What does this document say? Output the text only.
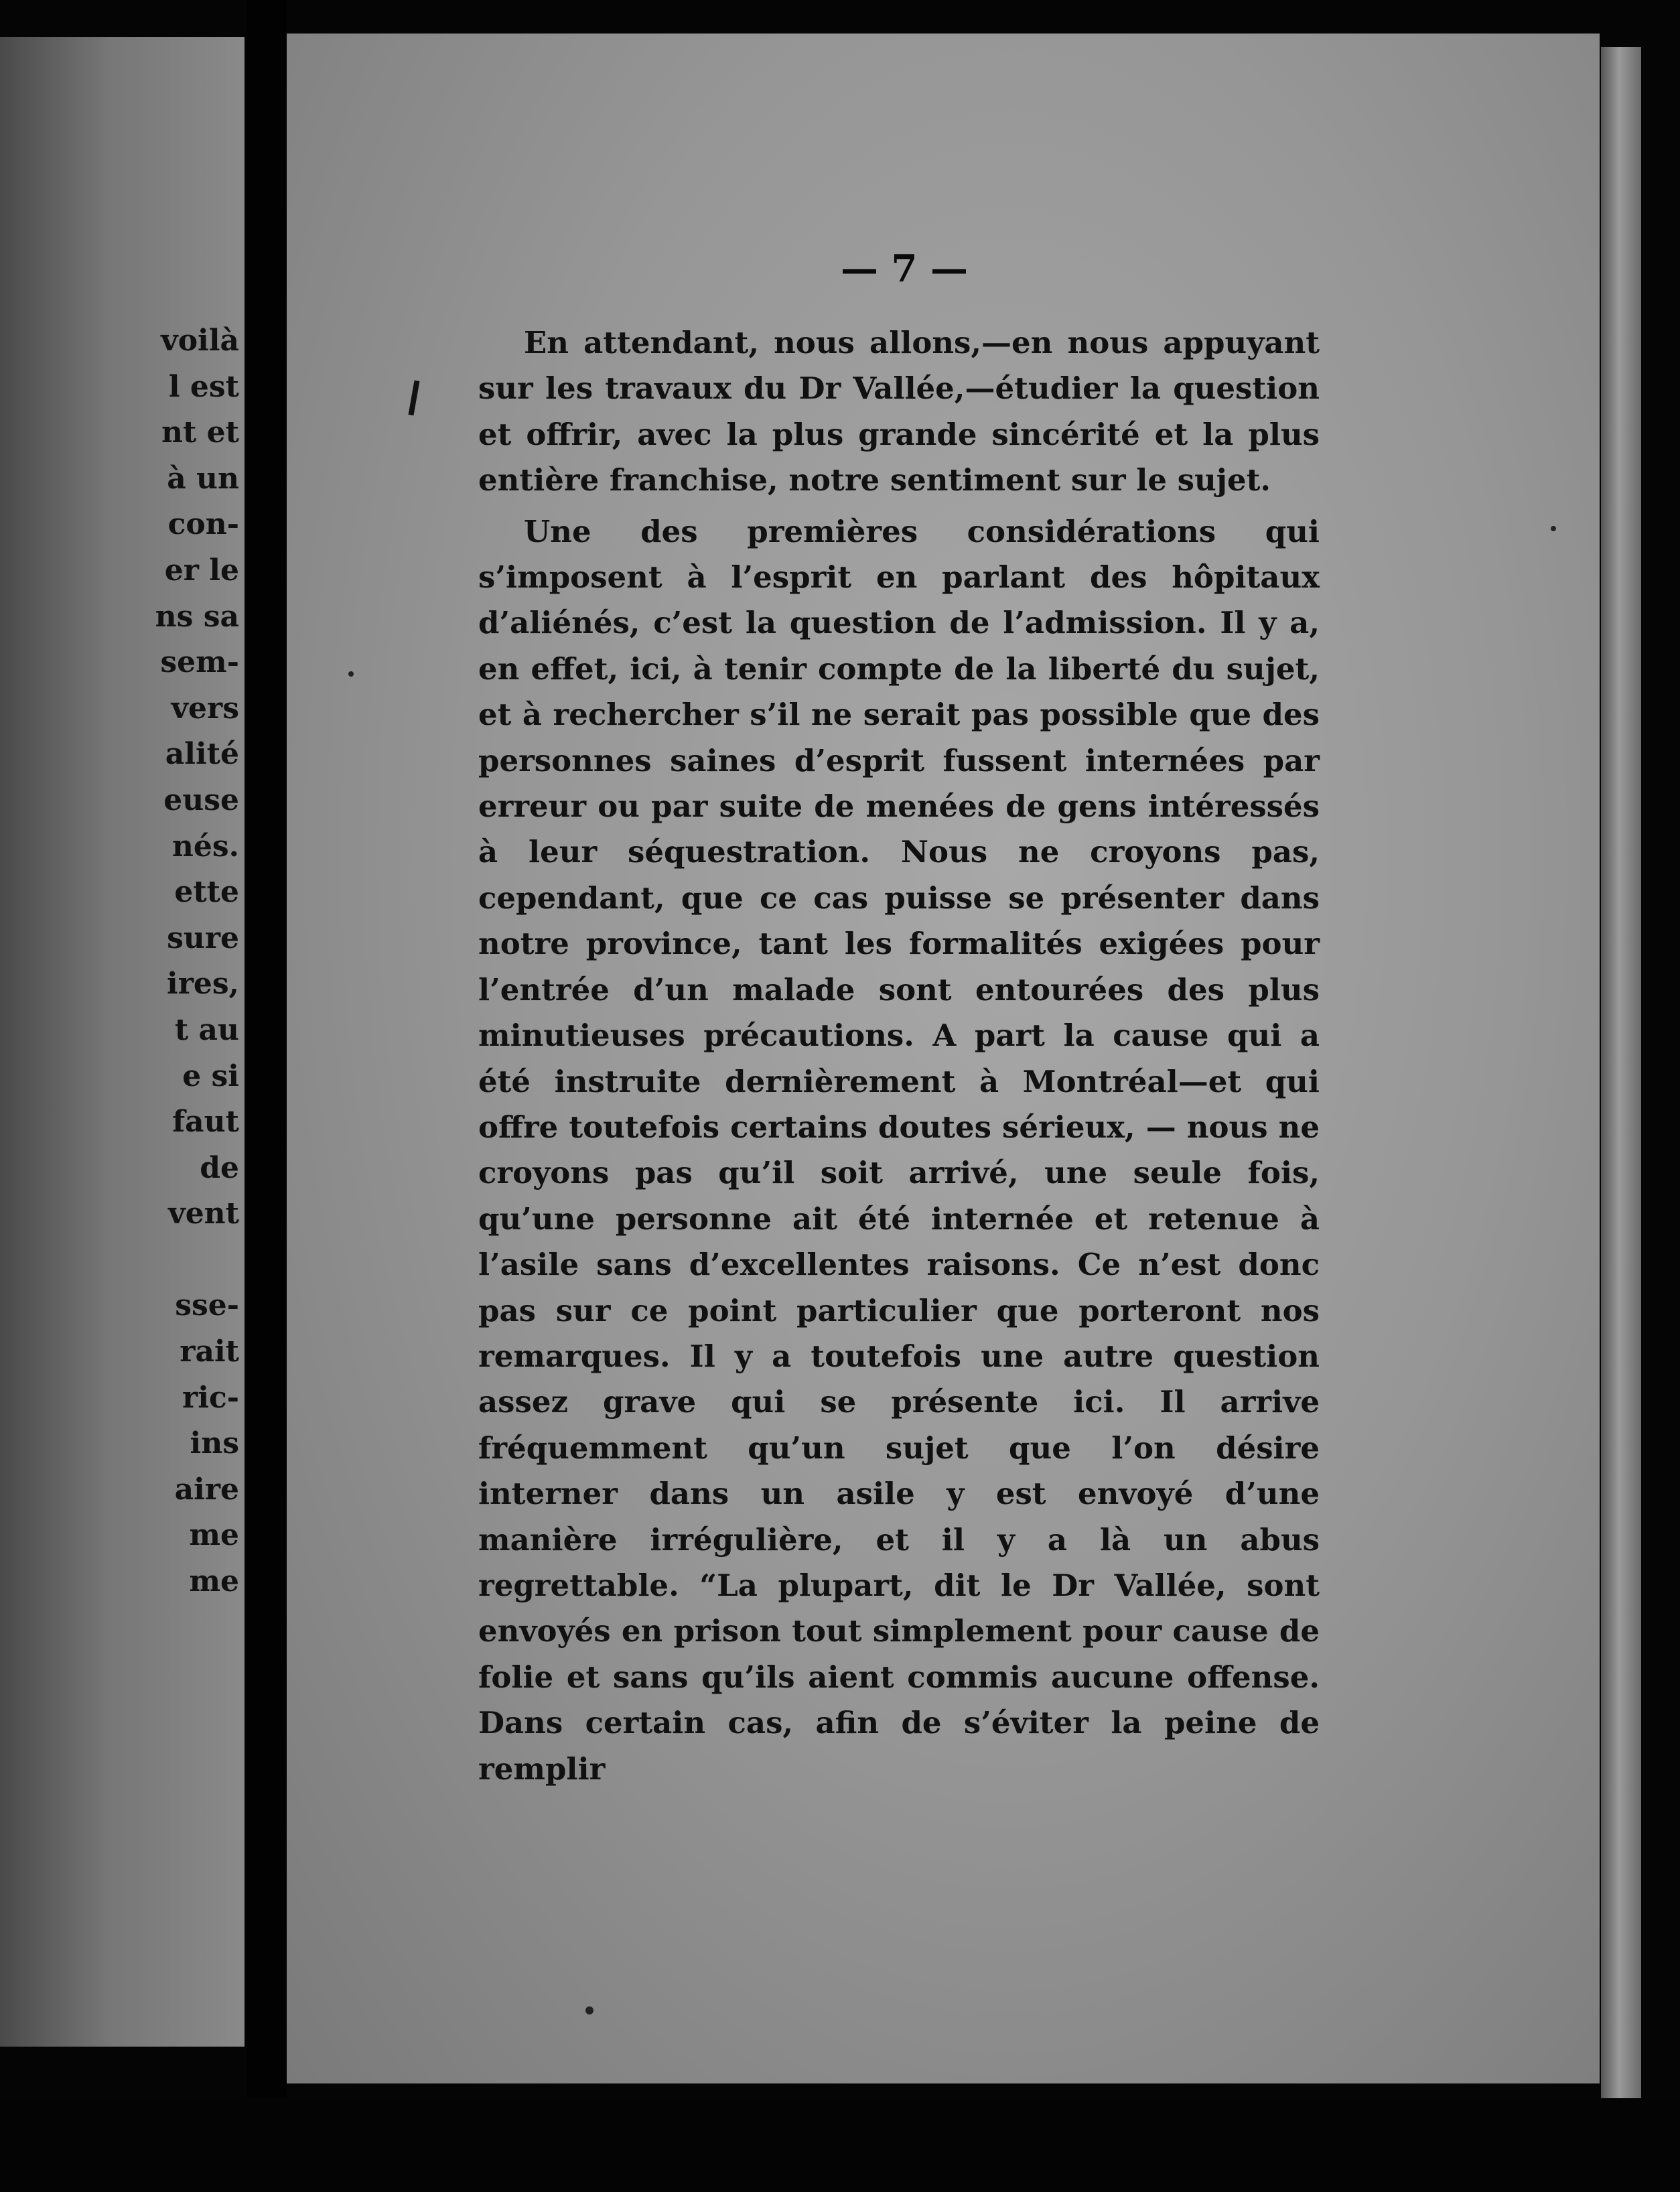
voilà
l est
nt et
à un
con-
er le
ns sa
sem-
vers
alité
euse
nés.
ette
sure
ires,
t au
e si
faut
de
vent
sse-
rait
ric-
ins
aire
me
me
— 7 —

En attendant, nous allons,—en nous appuyant sur les travaux du Dr Vallée,—étudier la question et offrir, avec la plus grande sincérité et la plus entière franchise, notre sentiment sur le sujet.

Une des premières considérations qui s’imposent à l’esprit en parlant des hôpitaux d’aliénés, c’est la question de l’admission. Il y a, en effet, ici, à tenir compte de la liberté du sujet, et à rechercher s’il ne serait pas possible que des personnes saines d’esprit fussent internées par erreur ou par suite de menées de gens intéressés à leur séquestration. Nous ne croyons pas, cependant, que ce cas puisse se présenter dans notre province, tant les formalités exigées pour l’entrée d’un malade sont entourées des plus minutieuses précautions. A part la cause qui a été instruite dernièrement à Montréal—et qui offre toutefois certains doutes sérieux, — nous ne croyons pas qu’il soit arrivé, une seule fois, qu’une personne ait été internée et retenue à l’asile sans d’excellentes raisons. Ce n’est donc pas sur ce point particulier que porteront nos remarques. Il y a toutefois une autre question assez grave qui se présente ici. Il arrive fréquemment qu’un sujet que l’on désire interner dans un asile y est envoyé d’une manière irrégulière, et il y a là un abus regrettable. “La plupart, dit le Dr Vallée, sont envoyés en prison tout simplement pour cause de folie et sans qu’ils aient commis aucune offense. Dans certain cas, afin de s’éviter la peine de remplir
